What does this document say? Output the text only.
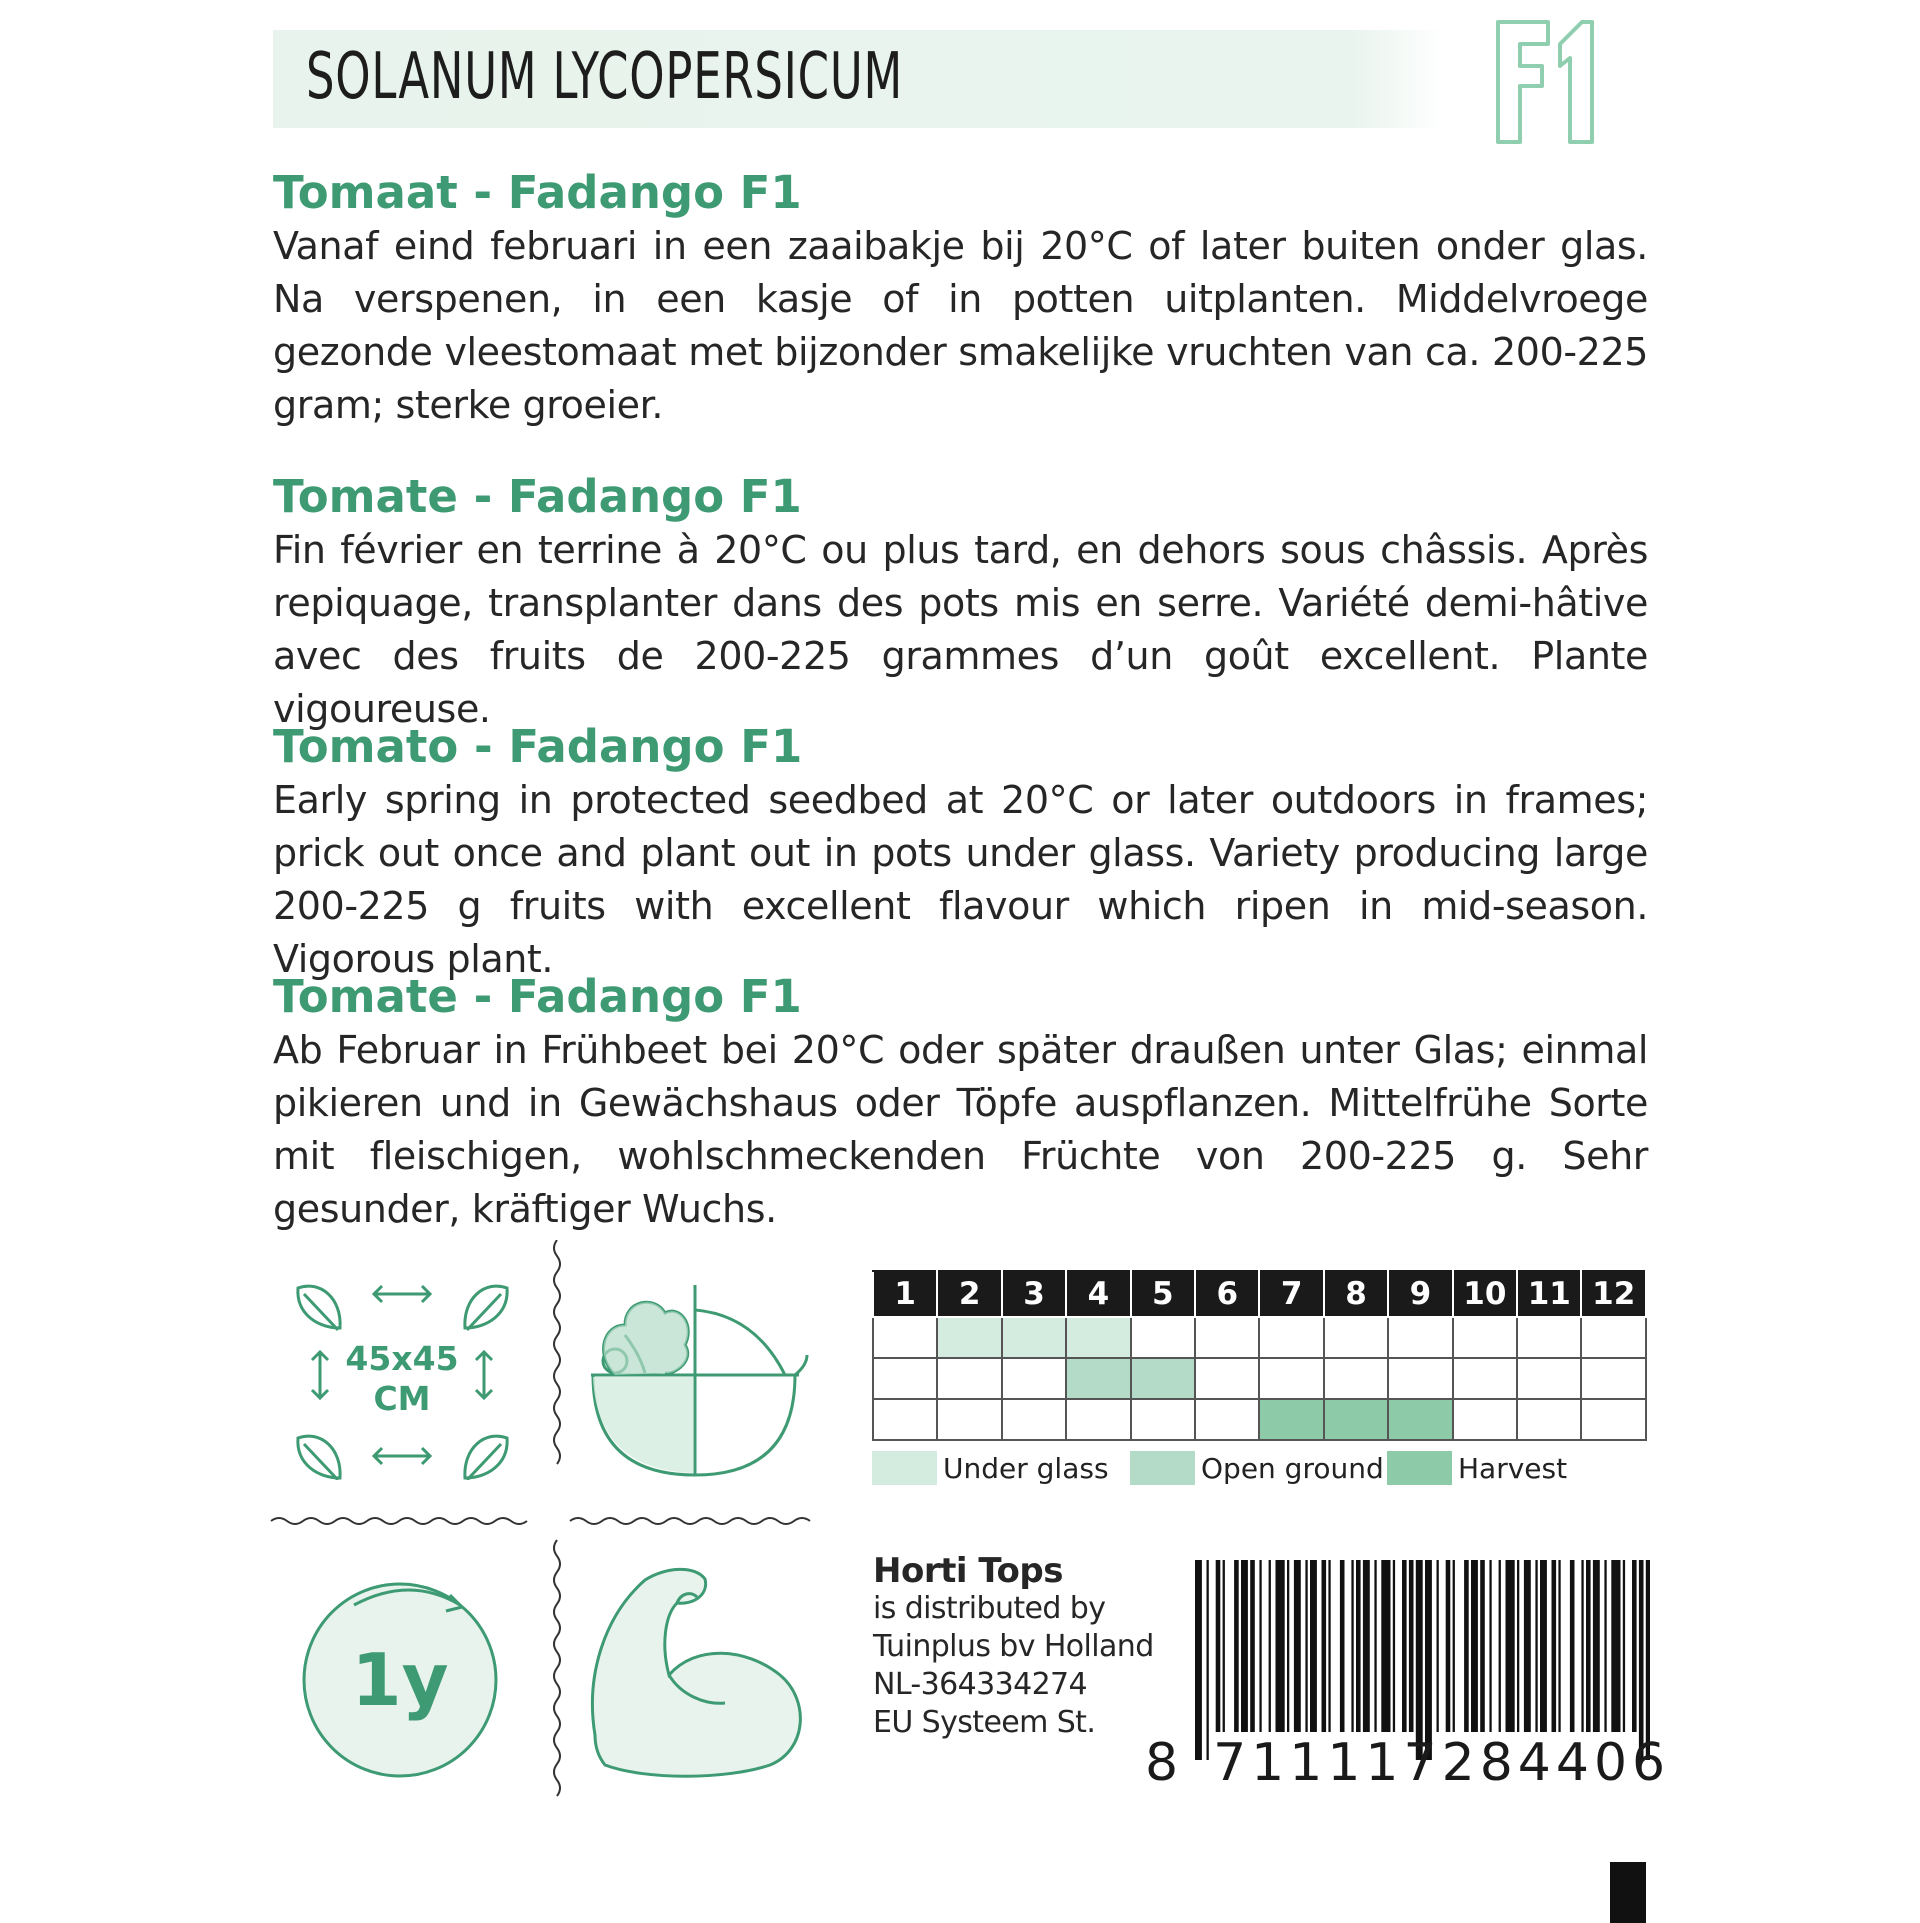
SOLANUM LYCOPERSICUM
F1
Tomaat - Fadango F1
Vanaf eind februari in een zaaibakje bij 20°C of later buiten onder glas. Na verspenen, in een kasje of in potten uitplanten. Middelvroege gezonde vleestomaat met bijzonder smakelijke vruchten van ca. 200-225 gram; sterke groeier.
Tomate - Fadango F1
Fin février en terrine à 20°C ou plus tard, en dehors sous châssis. Après repiquage, transplanter dans des pots mis en serre. Variété demi-hâtive avec des fruits de 200-225 grammes d’un goût excellent. Plante vigoureuse.
Tomato - Fadango F1
Early spring in protected seedbed at 20°C or later outdoors in frames; prick out once and plant out in pots under glass. Variety producing large 200-225 g fruits with excellent flavour which ripen in mid-season. Vigorous plant.
Tomate - Fadango F1
Ab Februar in Frühbeet bei 20°C oder später draußen unter Glas; einmal pikieren und in Gewächshaus oder Töpfe auspflanzen. Mittelfrühe Sorte mit fleischigen, wohlschmeckenden Früchte von 200-225 g. Sehr gesunder, kräftiger Wuchs.
45x45
CM
1y
1	2	3	4	5	6	7	8	9	10	11	12

Under glass	Open ground	Harvest
Horti Tops
is distributed by
Tuinplus bv Holland
NL-364334274
EU Systeem St.
8 711117284406
